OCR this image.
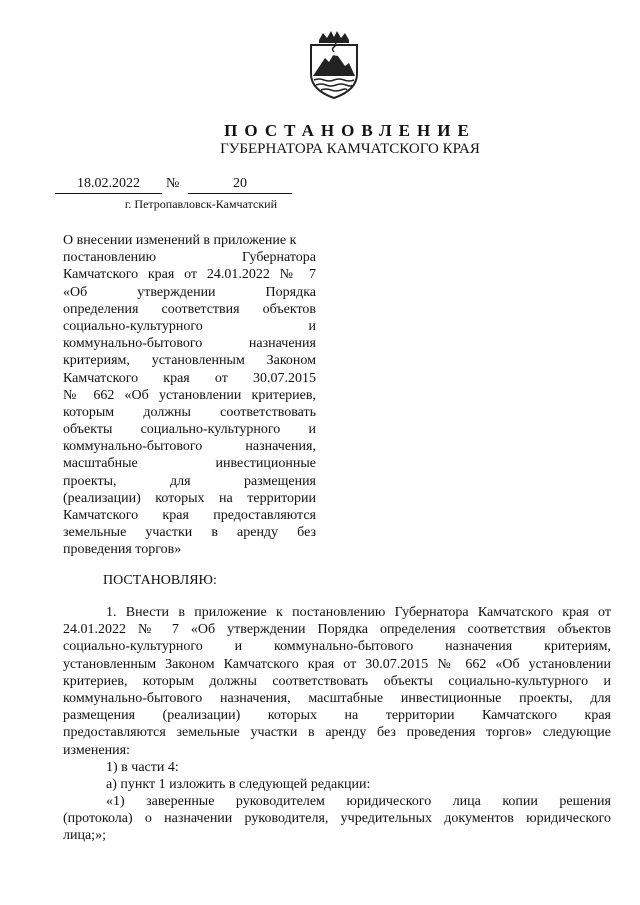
ПОСТАНОВЛЕНИЕ
ГУБЕРНАТОРА КАМЧАТСКОГО КРАЯ
18.02.2022	№	20
г. Петропавловск-Камчатский
О внесении изменений в приложение к
постановлению Губернатора
Камчатского края от 24.01.2022 № 7
«Об утверждении Порядка
определения соответствия объектов
социально-культурного и
коммунально-бытового назначения
критериям, установленным Законом
Камчатского края от 30.07.2015
№ 662 «Об установлении критериев,
которым должны соответствовать
объекты социально-культурного и
коммунально-бытового назначения,
масштабные инвестиционные
проекты, для размещения
(реализации) которых на территории
Камчатского края предоставляются
земельные участки в аренду без
проведения торгов»
ПОСТАНОВЛЯЮ:
1. Внести в приложение к постановлению Губернатора Камчатского края от
24.01.2022 № 7 «Об утверждении Порядка определения соответствия объектов
социально-культурного и коммунально-бытового назначения критериям,
установленным Законом Камчатского края от 30.07.2015 № 662 «Об установлении
критериев, которым должны соответствовать объекты социально-культурного и
коммунально-бытового назначения, масштабные инвестиционные проекты, для
размещения (реализации) которых на территории Камчатского края
предоставляются земельные участки в аренду без проведения торгов» следующие
изменения:
1) в части 4:
а) пункт 1 изложить в следующей редакции:
«1) заверенные руководителем юридического лица копии решения
(протокола) о назначении руководителя, учредительных документов юридического
лица;»;
